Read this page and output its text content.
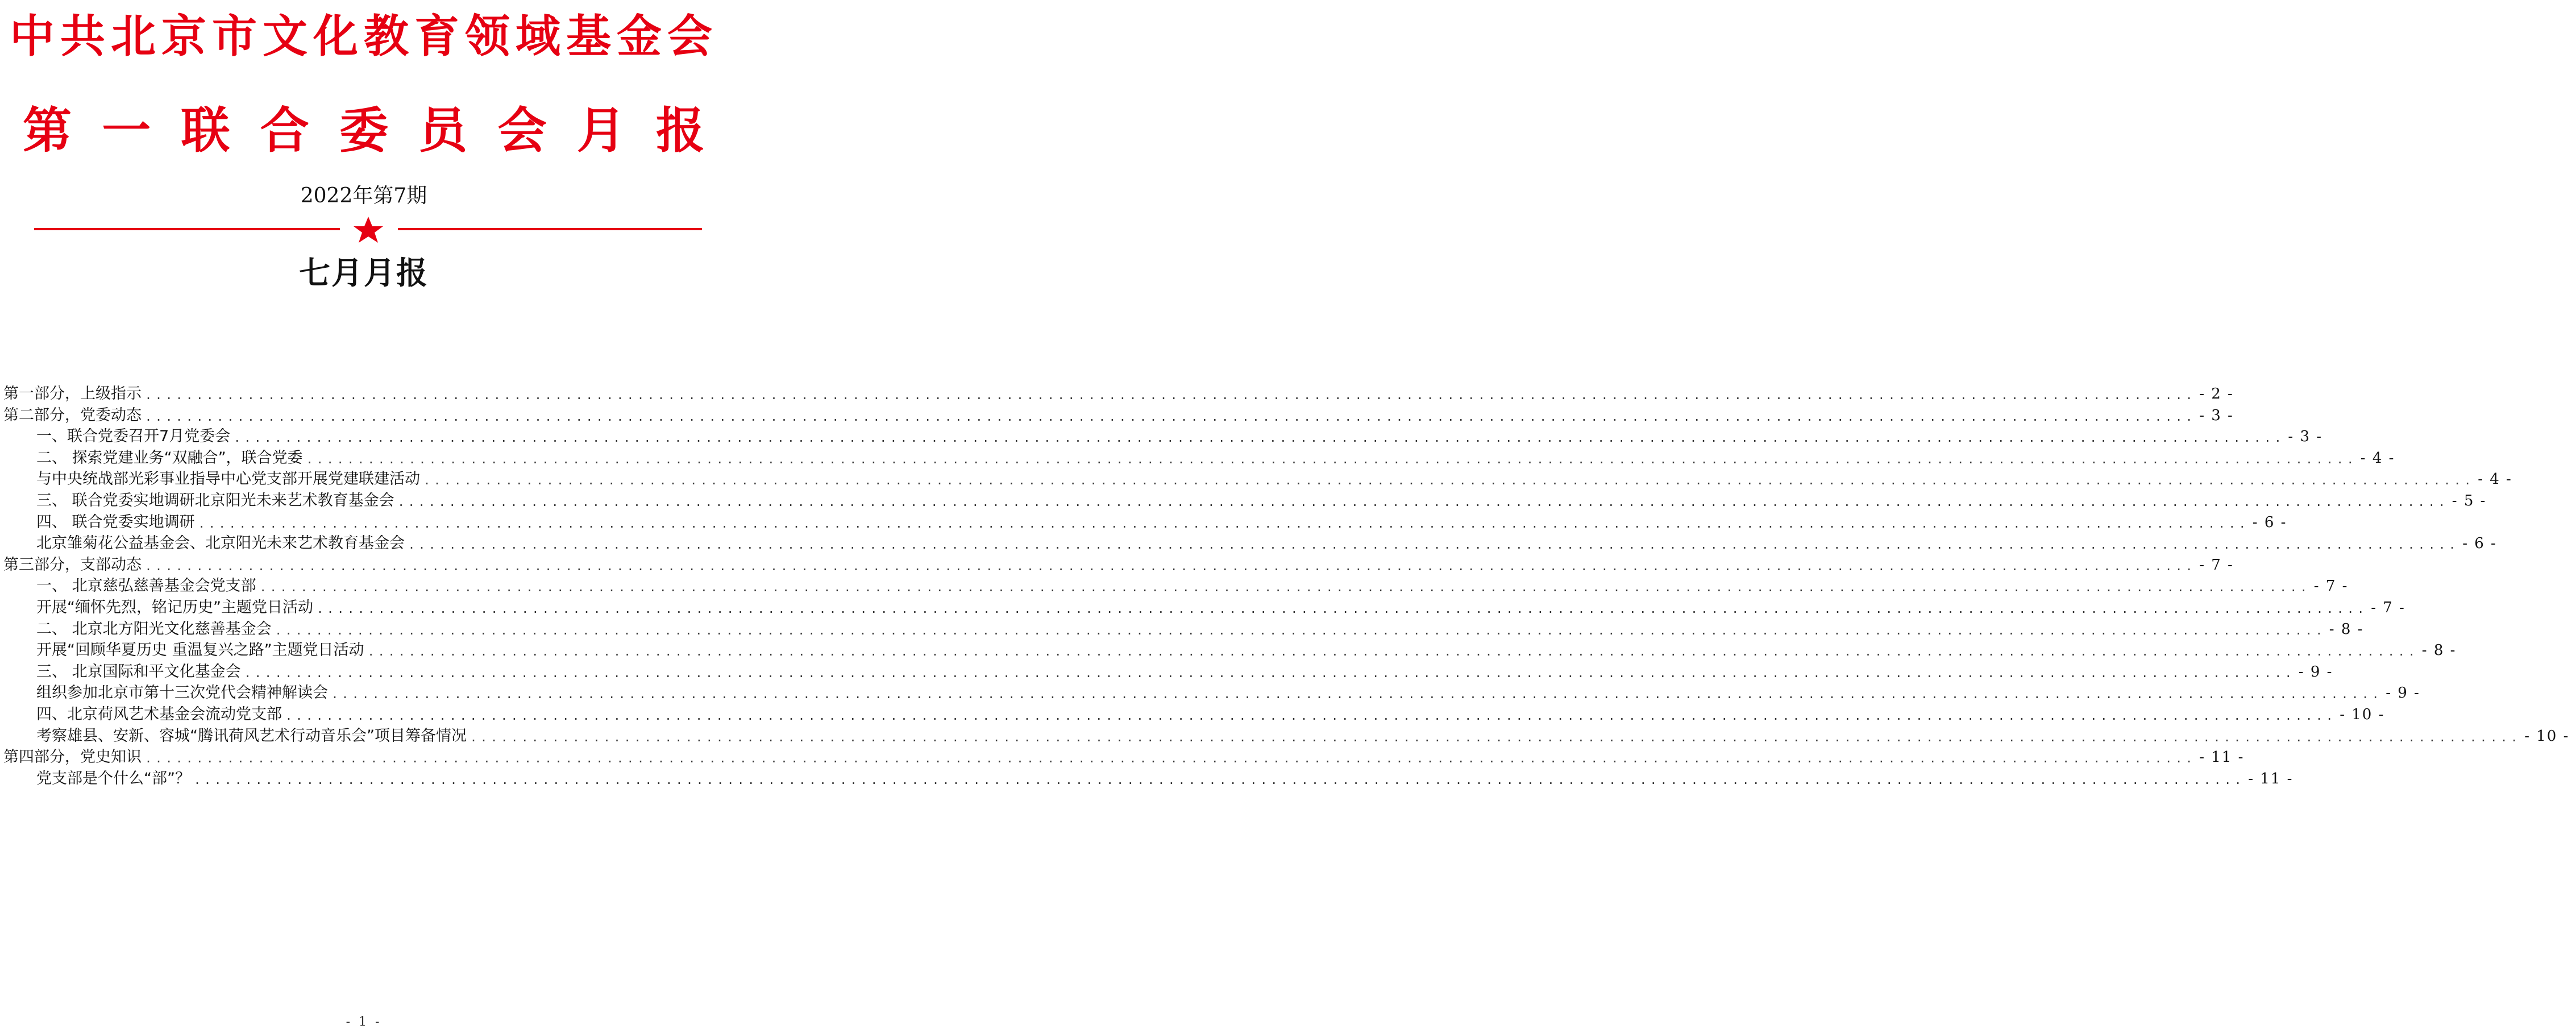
中共北京市文化教育领域基金会
第 一 联 合 委 员 会 月 报
2022年第7期
七月月报
第一部分，上级指示 ........................................................................................................................................................................................................ - 2 -
第二部分，党委动态 ........................................................................................................................................................................................................ - 3 -
一、联合党委召开7月党委会 ........................................................................................................................................................................................................ - 3 -
二、 探索党建业务“双融合”，联合党委 ........................................................................................................................................................................................................ - 4 -
与中央统战部光彩事业指导中心党支部开展党建联建活动 ........................................................................................................................................................................................................ - 4 -
三、 联合党委实地调研北京阳光未来艺术教育基金会 ........................................................................................................................................................................................................ - 5 -
四、 联合党委实地调研 ........................................................................................................................................................................................................ - 6 -
北京雏菊花公益基金会、北京阳光未来艺术教育基金会 ........................................................................................................................................................................................................ - 6 -
第三部分，支部动态 ........................................................................................................................................................................................................ - 7 -
一、 北京慈弘慈善基金会党支部 ........................................................................................................................................................................................................ - 7 -
开展“缅怀先烈，铭记历史”主题党日活动 ........................................................................................................................................................................................................ - 7 -
二、 北京北方阳光文化慈善基金会 ........................................................................................................................................................................................................ - 8 -
开展“回顾华夏历史 重温复兴之路”主题党日活动 ........................................................................................................................................................................................................ - 8 -
三、 北京国际和平文化基金会 ........................................................................................................................................................................................................ - 9 -
组织参加北京市第十三次党代会精神解读会 ........................................................................................................................................................................................................ - 9 -
四、北京荷风艺术基金会流动党支部 ........................................................................................................................................................................................................ - 10 -
考察雄县、安新、容城“腾讯荷风艺术行动音乐会”项目筹备情况 ........................................................................................................................................................................................................ - 10 -
第四部分，党史知识 ........................................................................................................................................................................................................ - 11 -
党支部是个什么“部”？ ........................................................................................................................................................................................................ - 11 -
- 1 -
